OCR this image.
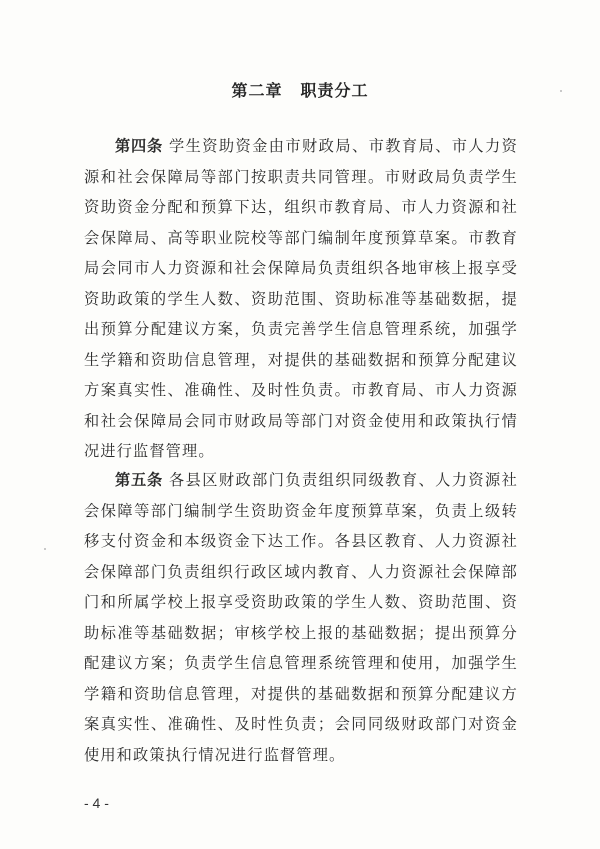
第二章 职责分工

第四条 学生资助资金由市财政局、市教育局、市人力资源和社会保障局等部门按职责共同管理。市财政局负责学生资助资金分配和预算下达，组织市教育局、市人力资源和社会保障局、高等职业院校等部门编制年度预算草案。市教育局会同市人力资源和社会保障局负责组织各地审核上报享受资助政策的学生人数、资助范围、资助标准等基础数据，提出预算分配建议方案，负责完善学生信息管理系统，加强学生学籍和资助信息管理，对提供的基础数据和预算分配建议方案真实性、准确性、及时性负责。市教育局、市人力资源和社会保障局会同市财政局等部门对资金使用和政策执行情况进行监督管理。

第五条 各县区财政部门负责组织同级教育、人力资源社会保障等部门编制学生资助资金年度预算草案，负责上级转移支付资金和本级资金下达工作。各县区教育、人力资源社会保障部门负责组织行政区域内教育、人力资源社会保障部门和所属学校上报享受资助政策的学生人数、资助范围、资助标准等基础数据；审核学校上报的基础数据；提出预算分配建议方案；负责学生信息管理系统管理和使用，加强学生学籍和资助信息管理，对提供的基础数据和预算分配建议方案真实性、准确性、及时性负责；会同同级财政部门对资金使用和政策执行情况进行监督管理。

- 4 -
